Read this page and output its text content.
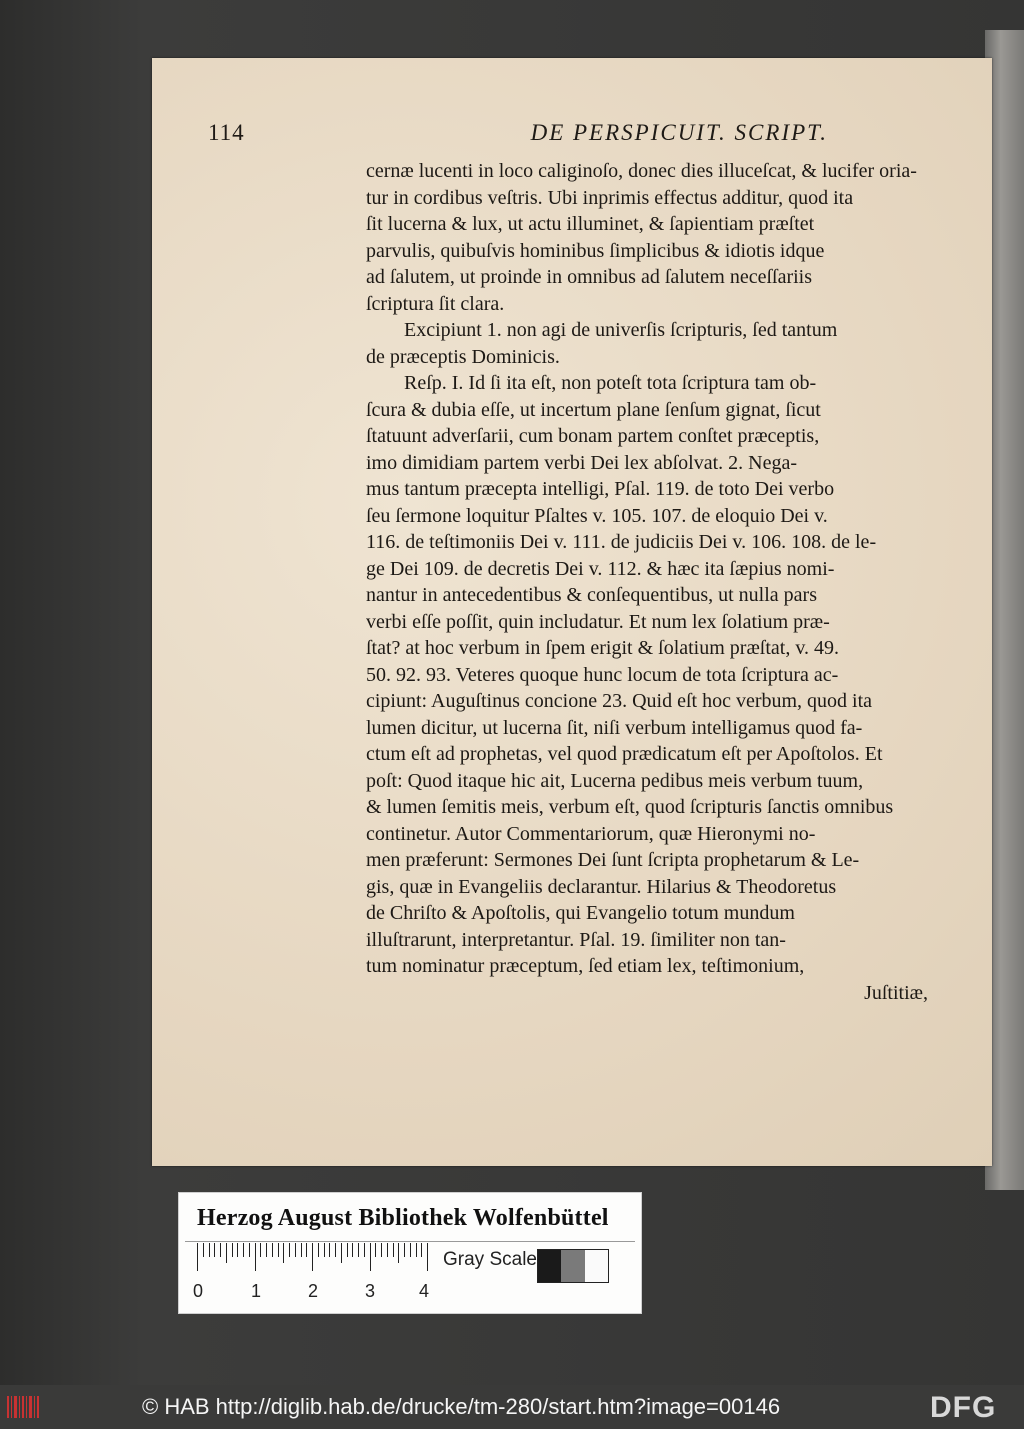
114	DE PERSPICUIT. SCRIPT.
cernæ lucenti in loco caliginoſo, donec dies illuceſcat, & lucifer oria-
tur in cordibus veſtris. Ubi inprimis effectus additur, quod ita
ſit lucerna & lux, ut actu illuminet, & ſapientiam præſtet
parvulis, quibuſvis hominibus ſimplicibus & idiotis idque
ad ſalutem, ut proinde in omnibus ad ſalutem neceſſariis
ſcriptura ſit clara.
Excipiunt 1. non agi de univerſis ſcripturis, ſed tantum
de præceptis Dominicis.
Reſp. I. Id ſi ita eſt, non poteſt tota ſcriptura tam ob-
ſcura & dubia eſſe, ut incertum plane ſenſum gignat, ſicut
ſtatuunt adverſarii, cum bonam partem conſtet præceptis,
imo dimidiam partem verbi Dei lex abſolvat. 2. Nega-
mus tantum præcepta intelligi, Pſal. 119. de toto Dei verbo
ſeu ſermone loquitur Pſaltes v. 105. 107. de eloquio Dei v.
116. de teſtimoniis Dei v. 111. de judiciis Dei v. 106. 108. de le-
ge Dei 109. de decretis Dei v. 112. & hæc ita ſæpius nomi-
nantur in antecedentibus & conſequentibus, ut nulla pars
verbi eſſe poſſit, quin includatur. Et num lex ſolatium præ-
ſtat? at hoc verbum in ſpem erigit & ſolatium præſtat, v. 49.
50. 92. 93. Veteres quoque hunc locum de tota ſcriptura ac-
cipiunt: Auguſtinus concione 23. Quid eſt hoc verbum, quod ita
lumen dicitur, ut lucerna ſit, niſi verbum intelligamus quod fa-
ctum eſt ad prophetas, vel quod prædicatum eſt per Apoſtolos. Et
poſt: Quod itaque hic ait, Lucerna pedibus meis verbum tuum,
& lumen ſemitis meis, verbum eſt, quod ſcripturis ſanctis omnibus
continetur. Autor Commentariorum, quæ Hieronymi no-
men præferunt: Sermones Dei ſunt ſcripta prophetarum & Le-
gis, quæ in Evangeliis declarantur. Hilarius & Theodoretus
de Chriſto & Apoſtolis, qui Evangelio totum mundum
illuſtrarunt, interpretantur. Pſal. 19. ſimiliter non tan-
tum nominatur præceptum, ſed etiam lex, teſtimonium,
Juſtitiæ,
Herzog August Bibliothek Wolfenbüttel
0	1	2	3 4
Gray Scale
© HAB http://diglib.hab.de/drucke/tm-280/start.htm?image=00146	DFG
